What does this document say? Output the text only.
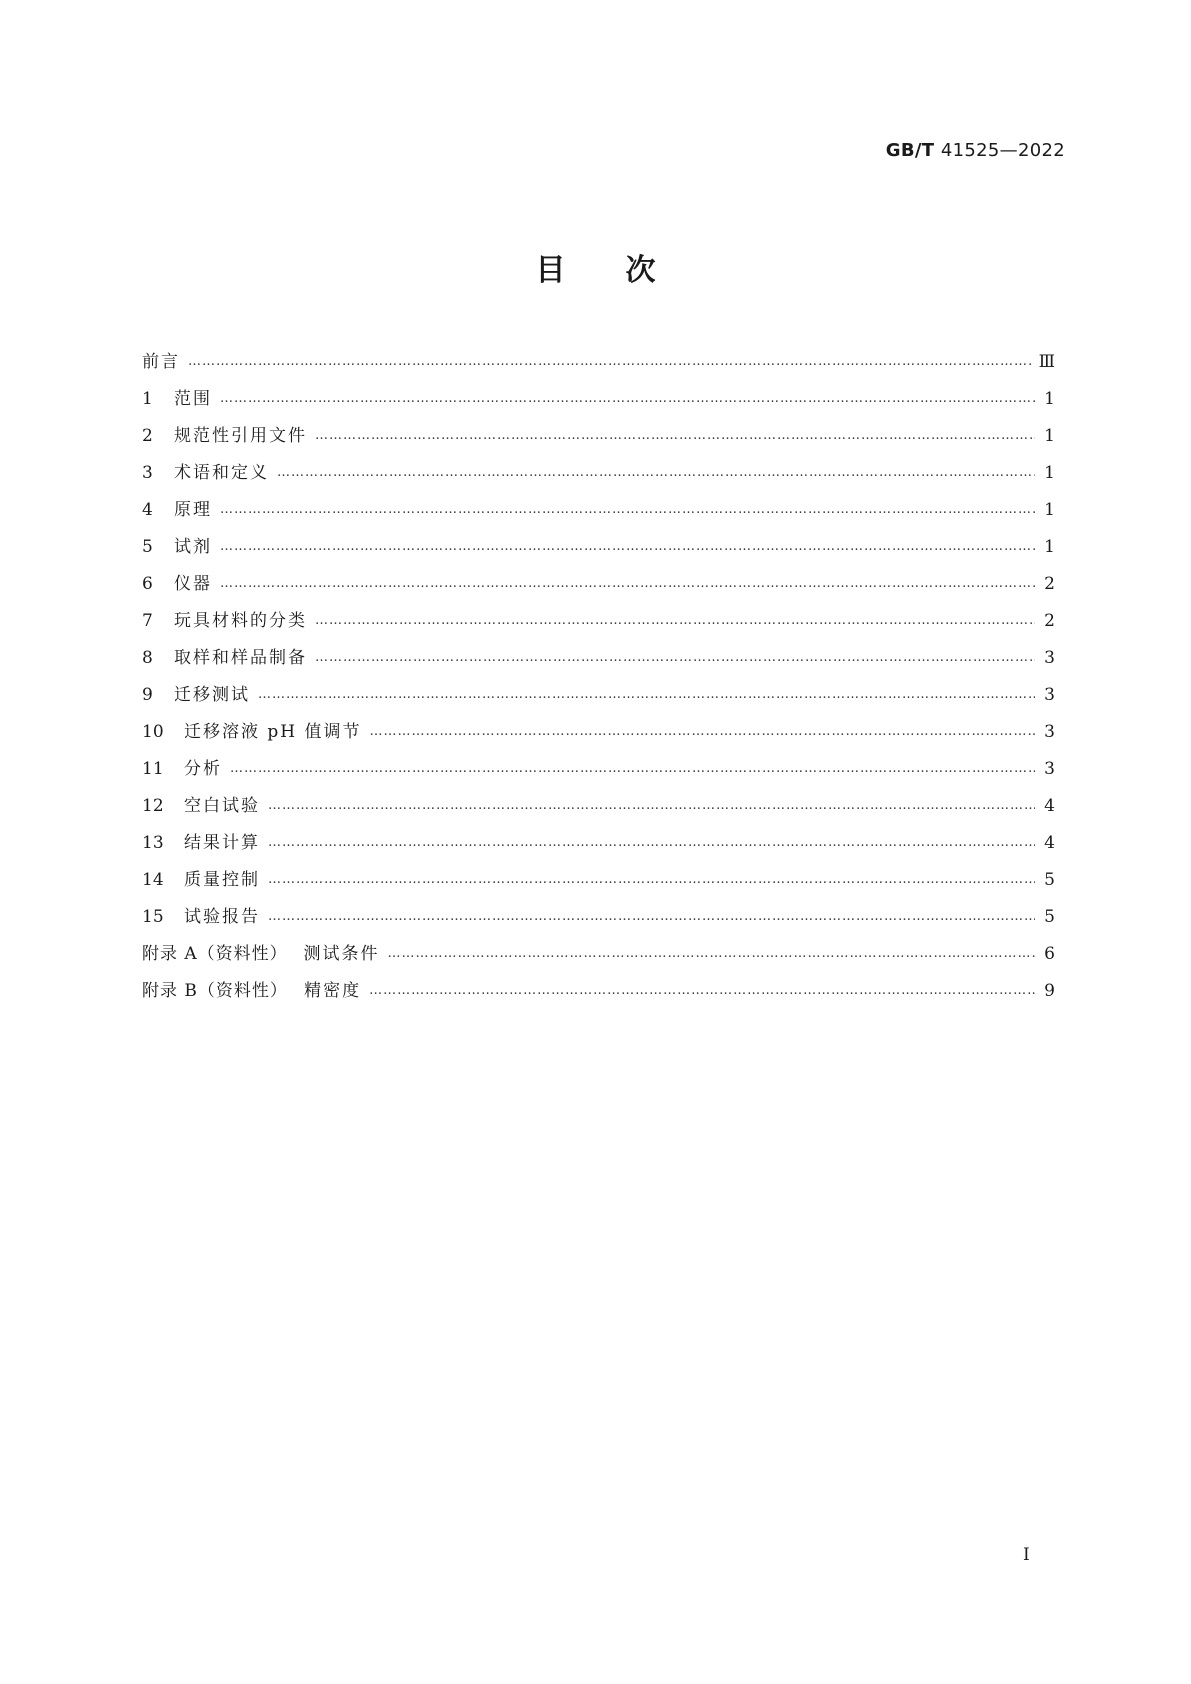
GB/T 41525—2022

目 次
前言 …………………………………………………………………………………………………………………………………………………………………………………………………………	Ⅲ
1	范围 …………………………………………………………………………………………………………………………………………………………………………………………………………	1
2	规范性引用文件 …………………………………………………………………………………………………………………………………………………………………………………………………………	1
3	术语和定义 …………………………………………………………………………………………………………………………………………………………………………………………………………	1
4	原理 …………………………………………………………………………………………………………………………………………………………………………………………………………	1
5	试剂 …………………………………………………………………………………………………………………………………………………………………………………………………………	1
6	仪器 …………………………………………………………………………………………………………………………………………………………………………………………………………	2
7	玩具材料的分类 …………………………………………………………………………………………………………………………………………………………………………………………………………	2
8	取样和样品制备 …………………………………………………………………………………………………………………………………………………………………………………………………………	3
9	迁移测试 …………………………………………………………………………………………………………………………………………………………………………………………………………	3
10	迁移溶液 pH 值调节 …………………………………………………………………………………………………………………………………………………………………………………………………………	3
11	分析 …………………………………………………………………………………………………………………………………………………………………………………………………………	3
12	空白试验 …………………………………………………………………………………………………………………………………………………………………………………………………………	4
13	结果计算 …………………………………………………………………………………………………………………………………………………………………………………………………………	4
14	质量控制 …………………………………………………………………………………………………………………………………………………………………………………………………………	5
15	试验报告 …………………………………………………………………………………………………………………………………………………………………………………………………………	5
附录 A（资料性） 测试条件 …………………………………………………………………………………………………………………………………………………………………………………………………………	6
附录 B（资料性） 精密度 …………………………………………………………………………………………………………………………………………………………………………………………………………	9

Ⅰ
